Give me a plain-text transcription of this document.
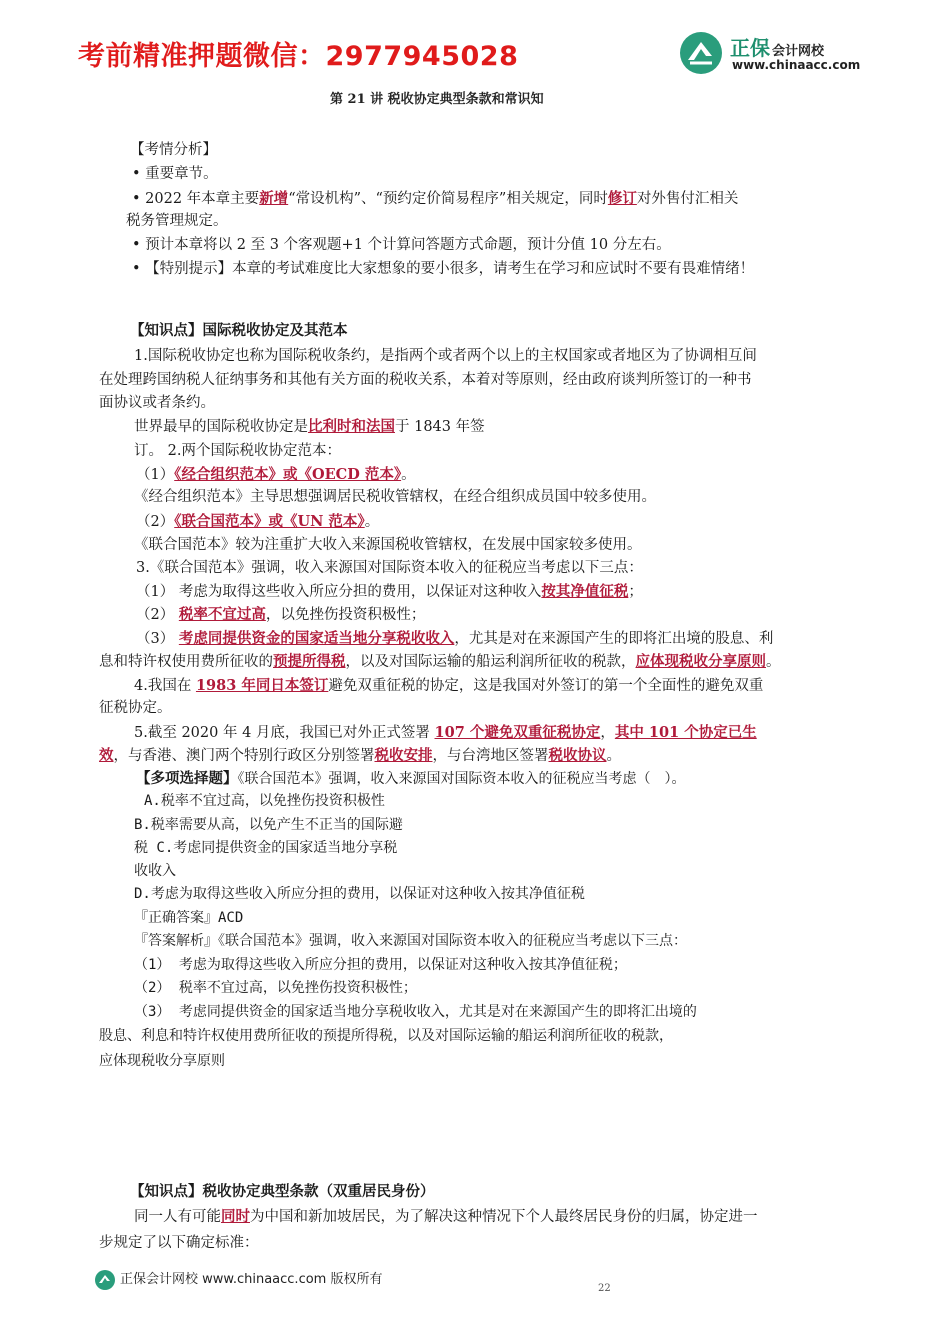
考前精准押题微信：2977945028	正保 会计网校
www.chinaacc.com
第 21 讲 税收协定典型条款和常识知
【考情分析】
• 重要章节。
• 2022 年本章主要新增“常设机构”、“预约定价简易程序”相关规定，同时修订对外售付汇相关
税务管理规定。
• 预计本章将以 2 至 3 个客观题+1 个计算问答题方式命题，预计分值 10 分左右。
• 【特别提示】本章的考试难度比大家想象的要小很多，请考生在学习和应试时不要有畏难情绪！
【知识点】国际税收协定及其范本
1.国际税收协定也称为国际税收条约，是指两个或者两个以上的主权国家或者地区为了协调相互间
在处理跨国纳税人征纳事务和其他有关方面的税收关系，本着对等原则，经由政府谈判所签订的一种书
面协议或者条约。
世界最早的国际税收协定是比利时和法国于 1843 年签
订。 2.两个国际税收协定范本：
（1）《经合组织范本》或《OECD 范本》。
《经合组织范本》主导思想强调居民税收管辖权，在经合组织成员国中较多使用。
（2）《联合国范本》或《UN 范本》。
《联合国范本》较为注重扩大收入来源国税收管辖权，在发展中国家较多使用。
3.《联合国范本》强调，收入来源国对国际资本收入的征税应当考虑以下三点：
（1） 考虑为取得这些收入所应分担的费用，以保证对这种收入按其净值征税；
（2） 税率不宜过高，以免挫伤投资积极性；
（3） 考虑同提供资金的国家适当地分享税收收入，尤其是对在来源国产生的即将汇出境的股息、利
息和特许权使用费所征收的预提所得税，以及对国际运输的船运利润所征收的税款，应体现税收分享原则。
4.我国在 1983 年同日本签订避免双重征税的协定，这是我国对外签订的第一个全面性的避免双重
征税协定。
5.截至 2020 年 4 月底，我国已对外正式签署 107 个避免双重征税协定，其中 101 个协定已生
效，与香港、澳门两个特别行政区分别签署税收安排，与台湾地区签署税收协议。
【多项选择题】《联合国范本》强调，收入来源国对国际资本收入的征税应当考虑（　）。
A.税率不宜过高，以免挫伤投资积极性
B.税率需要从高，以免产生不正当的国际避
税 C.考虑同提供资金的国家适当地分享税
收收入
D.考虑为取得这些收入所应分担的费用，以保证对这种收入按其净值征税
『正确答案』ACD
『答案解析』《联合国范本》强调，收入来源国对国际资本收入的征税应当考虑以下三点：
（1） 考虑为取得这些收入所应分担的费用，以保证对这种收入按其净值征税；
（2） 税率不宜过高，以免挫伤投资积极性；
（3） 考虑同提供资金的国家适当地分享税收收入，尤其是对在来源国产生的即将汇出境的
股息、利息和特许权使用费所征收的预提所得税，以及对国际运输的船运利润所征收的税款，
应体现税收分享原则
【知识点】税收协定典型条款（双重居民身份）
同一人有可能同时为中国和新加坡居民，为了解决这种情况下个人最终居民身份的归属，协定进一
步规定了以下确定标准：
正保会计网校 www.chinaacc.com 版权所有
22
